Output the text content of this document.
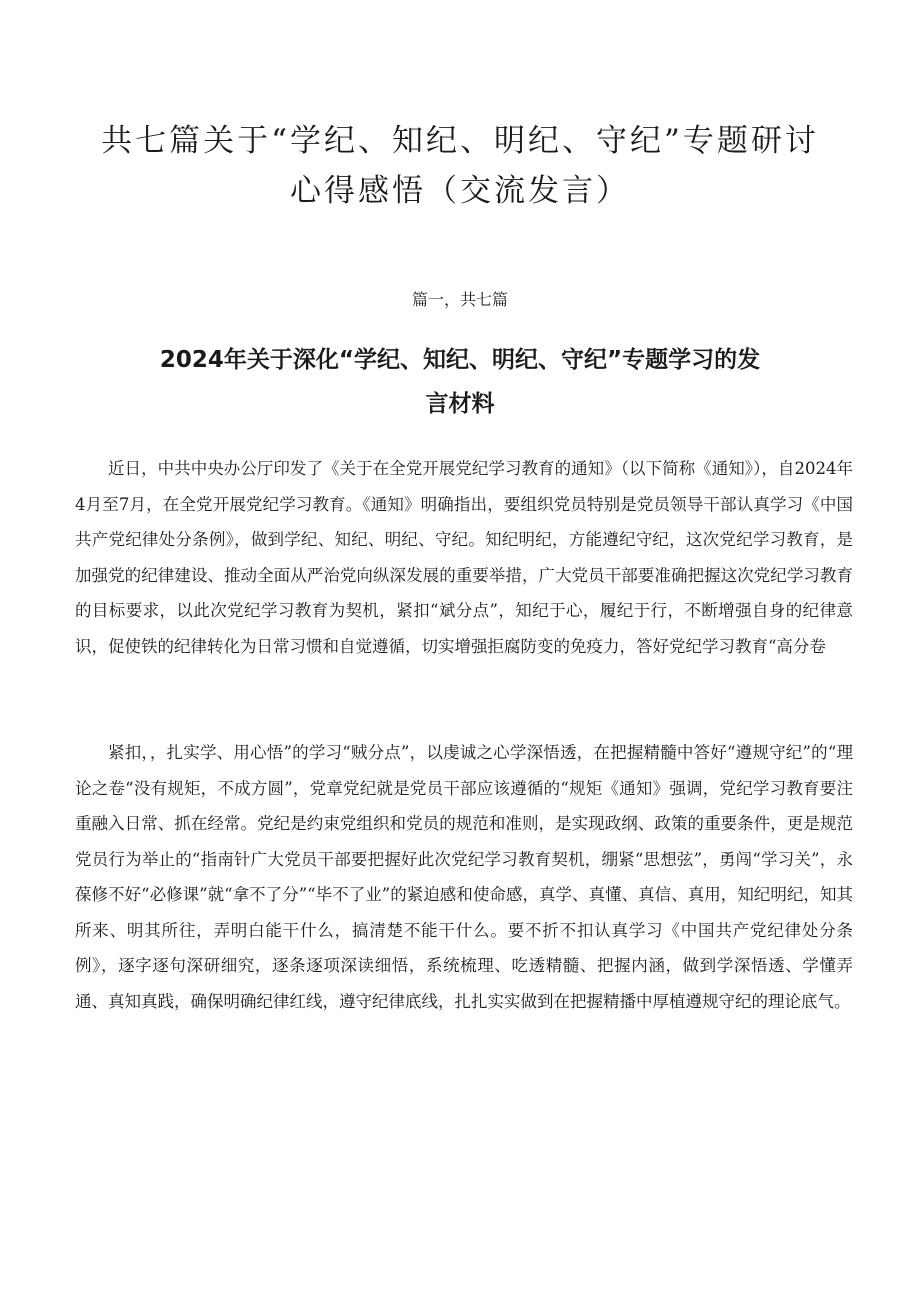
共七篇关于“学纪、知纪、明纪、守纪”专题研讨
心得感悟（交流发言）

篇一，共七篇

2024年关于深化“学纪、知纪、明纪、守纪”专题学习的发
言材料

近日，中共中央办公厅印发了《关于在全党开展党纪学习教育的通知》（以下简称《通知》），自2024年4月至7月，在全党开展党纪学习教育。《通知》明确指出，要组织党员特别是党员领导干部认真学习《中国共产党纪律处分条例》，做到学纪、知纪、明纪、守纪。知纪明纪，方能遵纪守纪，这次党纪学习教育，是加强党的纪律建设、推动全面从严治党向纵深发展的重要举措，广大党员干部要准确把握这次党纪学习教育的目标要求，以此次党纪学习教育为契机，紧扣“斌分点”，知纪于心，履纪于行，不断增强自身的纪律意识，促使铁的纪律转化为日常习惯和自觉遵循，切实增强拒腐防变的免疫力，答好党纪学习教育“高分卷

紧扣，，扎实学、用心悟”的学习“贼分点”，以虔诚之心学深悟透，在把握精髓中答好“遵规守纪”的“理论之卷“没有规矩，不成方圆”，党章党纪就是党员干部应该遵循的“规矩《通知》强调，党纪学习教育要注重融入日常、抓在经常。党纪是约束党组织和党员的规范和准则，是实现政纲、政策的重要条件，更是规范党员行为举止的“指南针广大党员干部要把握好此次党纪学习教育契机，绷紧“思想弦”，勇闯“学习关”，永葆修不好“必修课”就“拿不了分”“毕不了业”的紧迫感和使命感，真学、真懂、真信、真用，知纪明纪，知其所来、明其所往，弄明白能干什么，搞清楚不能干什么。要不折不扣认真学习《中国共产党纪律处分条例》，逐字逐句深研细究，逐条逐项深读细悟，系统梳理、吃透精髓、把握内涵，做到学深悟透、学懂弄通、真知真践，确保明确纪律红线，遵守纪律底线，扎扎实实做到在把握精播中厚植遵规守纪的理论底气。
